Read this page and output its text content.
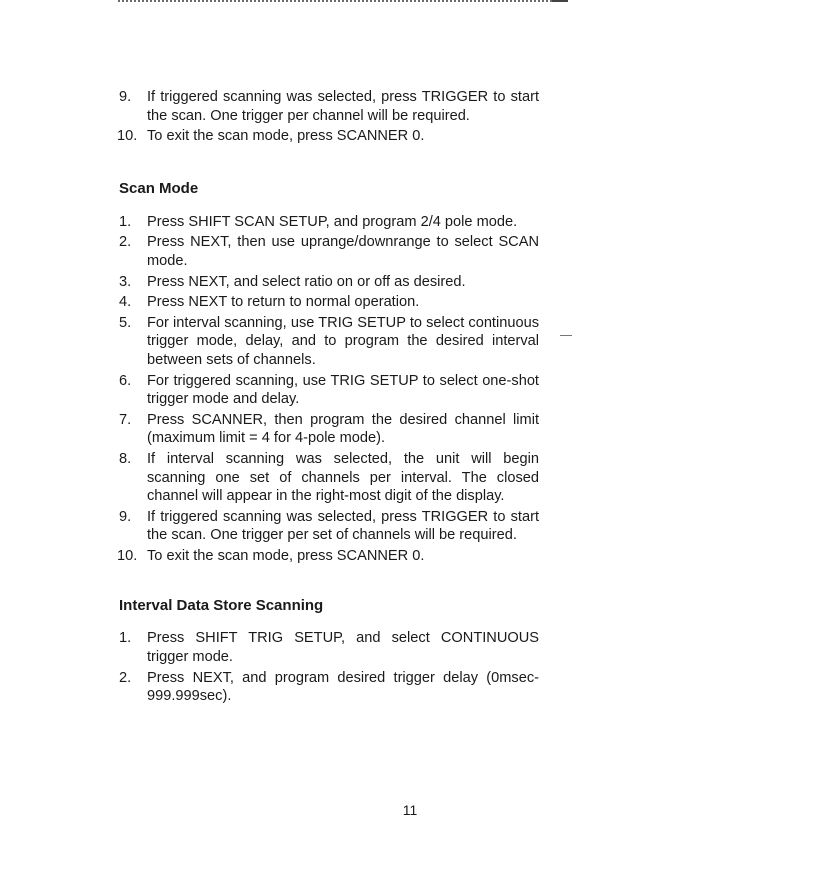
9.	If triggered scanning was selected, press TRIGGER to start the scan. One trigger per channel will be required.
10. To exit the scan mode, press SCANNER 0.
Scan Mode
1.	Press SHIFT SCAN SETUP, and program 2/4 pole mode.
2.	Press NEXT, then use uprange/downrange to select SCAN mode.
3.	Press NEXT, and select ratio on or off as desired.
4.	Press NEXT to return to normal operation.
5.	For interval scanning, use TRIG SETUP to select continuous trigger mode, delay, and to program the desired interval between sets of channels.
6.	For triggered scanning, use TRIG SETUP to select one-shot trigger mode and delay.
7.	Press SCANNER, then program the desired channel limit (maximum limit = 4 for 4-pole mode).
8.	If interval scanning was selected, the unit will begin scanning one set of channels per interval. The closed channel will appear in the right-most digit of the display.
9.	If triggered scanning was selected, press TRIGGER to start the scan. One trigger per set of channels will be required.
10. To exit the scan mode, press SCANNER 0.
Interval Data Store Scanning
1.	Press SHIFT TRIG SETUP, and select CONTINUOUS trigger mode.
2.	Press NEXT, and program desired trigger delay (0msec-999.999sec).
11
